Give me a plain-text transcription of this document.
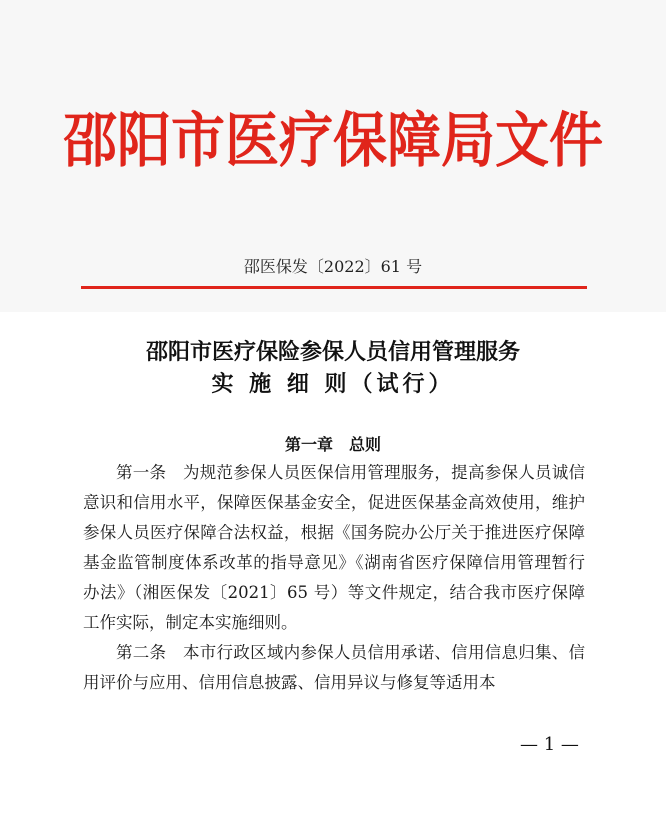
邵阳市医疗保障局文件
邵医保发〔2022〕61 号
邵阳市医疗保险参保人员信用管理服务
实 施 细 则（试行）
第一章　总则

第一条　为规范参保人员医保信用管理服务，提高参保人员诚信意识和信用水平，保障医保基金安全，促进医保基金高效使用，维护参保人员医疗保障合法权益，根据《国务院办公厅关于推进医疗保障基金监管制度体系改革的指导意见》《湖南省医疗保障信用管理暂行办法》（湘医保发〔2021〕65 号）等文件规定，结合我市医疗保障工作实际，制定本实施细则。

第二条　本市行政区域内参保人员信用承诺、信用信息归集、信用评价与应用、信用信息披露、信用异议与修复等适用本

— 1 —
